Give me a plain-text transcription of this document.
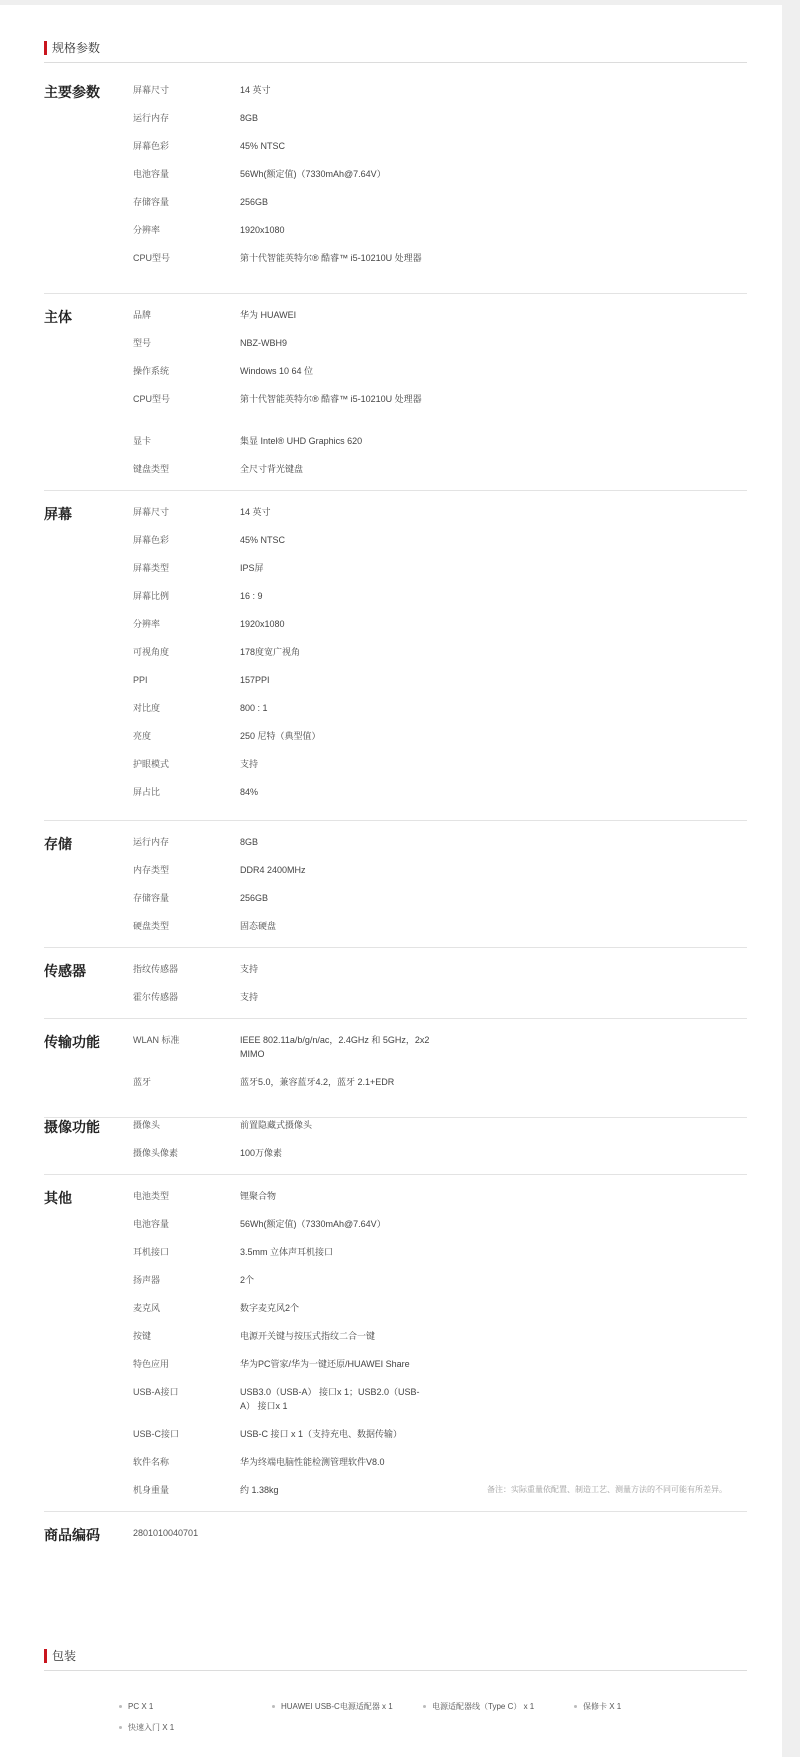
规格参数
主要参数	屏幕尺寸	14 英寸
运行内存	8GB
屏幕色彩	45% NTSC
电池容量	56Wh(额定值)（7330mAh@7.64V）
存储容量	256GB
分辨率	1920x1080
CPU型号	第十代智能英特尔® 酷睿™ i5-10210U 处理器
主体	品牌	华为 HUAWEI
型号	NBZ-WBH9
操作系统	Windows 10 64 位
CPU型号	第十代智能英特尔® 酷睿™ i5-10210U 处理器
显卡	集显 Intel® UHD Graphics 620
键盘类型	全尺寸背光键盘
屏幕	屏幕尺寸	14 英寸
屏幕色彩	45% NTSC
屏幕类型	IPS屏
屏幕比例	16 : 9
分辨率	1920x1080
可视角度	178度宽广视角
PPI	157PPI
对比度	800 : 1
亮度	250 尼特（典型值）
护眼模式	支持
屏占比	84%
存储	运行内存	8GB
内存类型	DDR4 2400MHz
存储容量	256GB
硬盘类型	固态硬盘
传感器	指纹传感器	支持
霍尔传感器	支持
传输功能	WLAN 标准	IEEE 802.11a/b/g/n/ac，2.4GHz 和 5GHz，2x2 MIMO
蓝牙	蓝牙5.0，兼容蓝牙4.2，蓝牙 2.1+EDR
摄像功能	摄像头	前置隐藏式摄像头
摄像头像素	100万像素
其他	电池类型	锂聚合物
电池容量	56Wh(额定值)（7330mAh@7.64V）
耳机接口	3.5mm 立体声耳机接口
扬声器	2个
麦克风	数字麦克风2个
按键	电源开关键与按压式指纹二合一键
特色应用	华为PC管家/华为一键还原/HUAWEI Share
USB-A接口	USB3.0（USB-A） 接口x 1；USB2.0（USB-A） 接口x 1
USB-C接口	USB-C 接口 x 1（支持充电、数据传输）
软件名称	华为终端电脑性能检测管理软件V8.0
机身重量	约 1.38kg	备注：实际重量依配置、制造工艺、测量方法的不同可能有所差异。
商品编码	2801010040701
包装
PC X 1	HUAWEI USB-C电源适配器 x 1	电源适配器线（Type C） x 1	保修卡 X 1
快速入门 X 1
